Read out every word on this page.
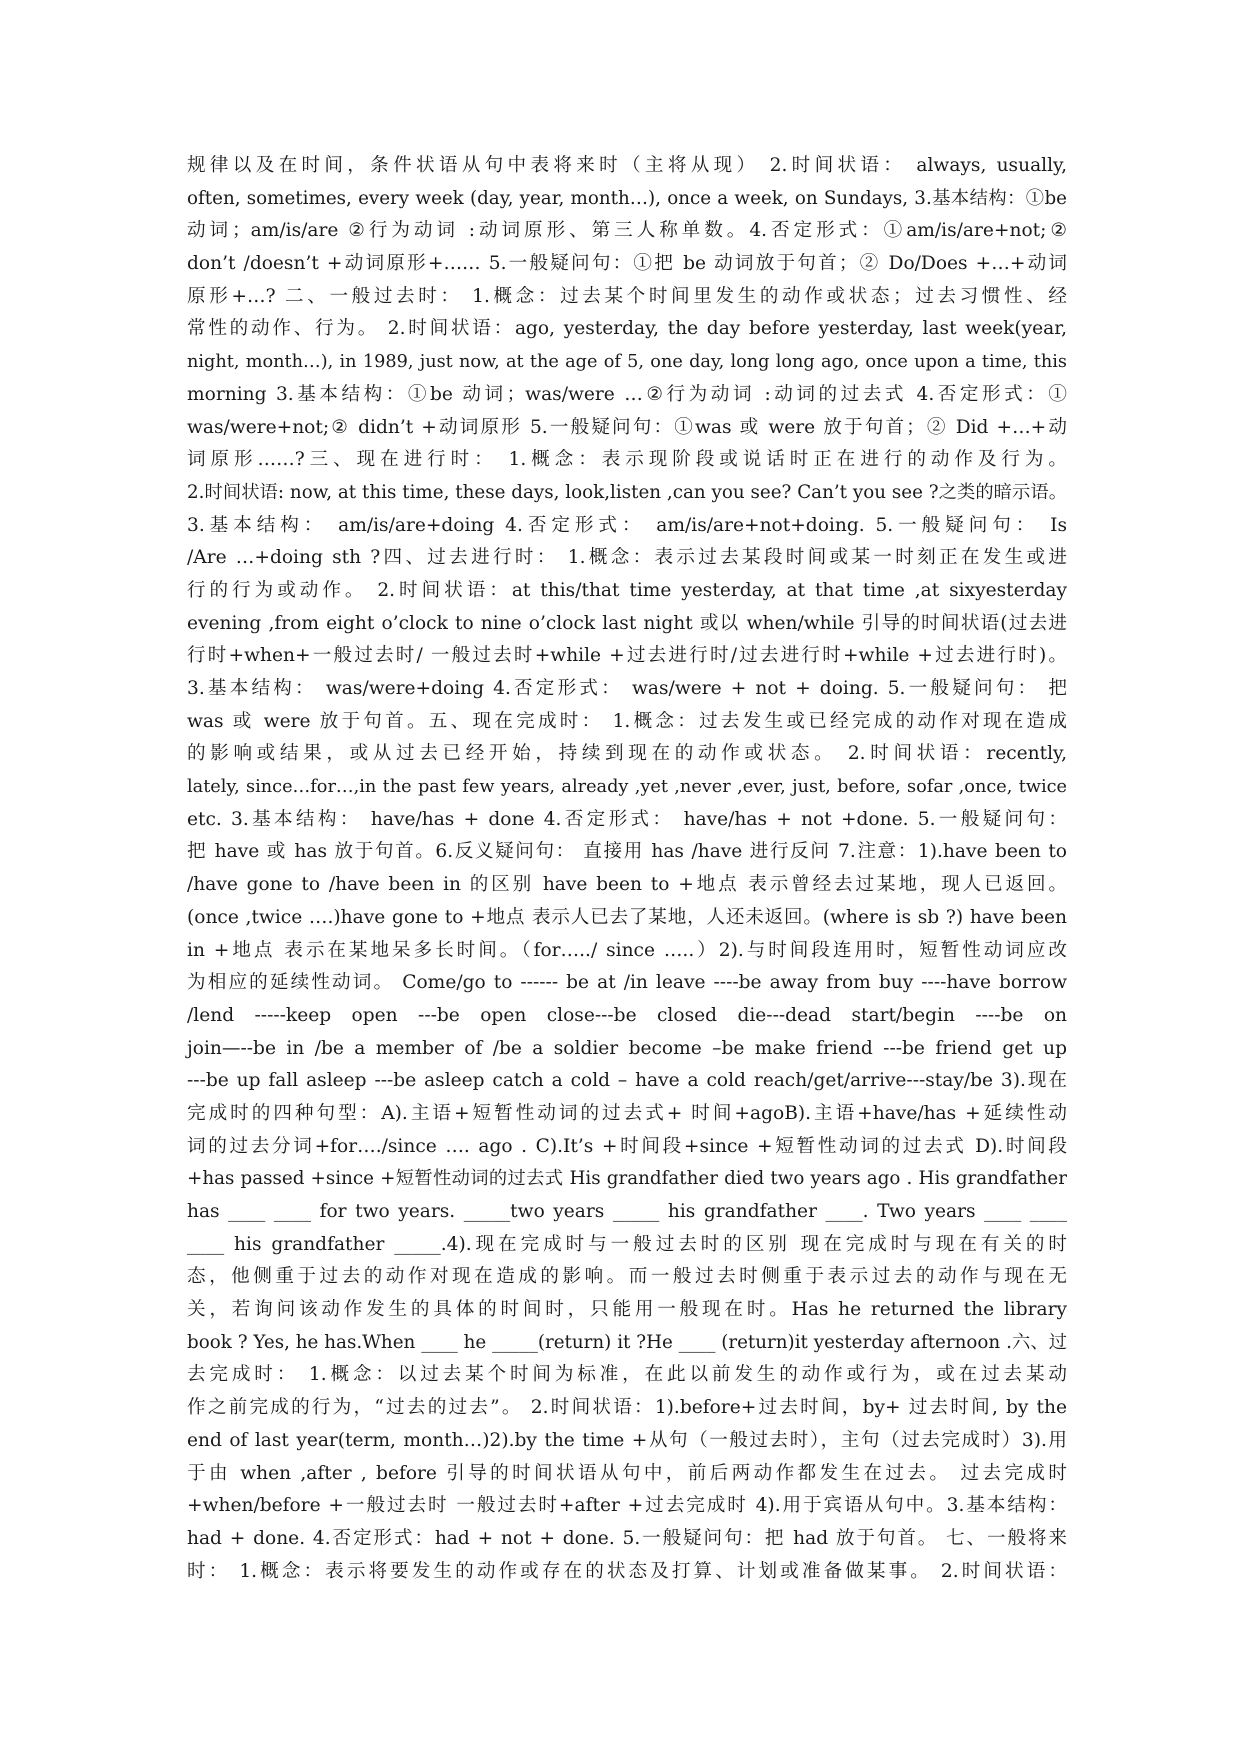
规律以及在时间，条件状语从句中表将来时（主将从现） 2.时间状语： always, usually,
often, sometimes, every week (day, year, month…), once a week, on Sundays, 3.基本结构：①be
动词；am/is/are ②行为动词 :动词原形、第三人称单数。4.否定形式：①am/is/are+not;②
don’t /doesn’t +动词原形+…… 5.一般疑问句：①把 be 动词放于句首；② Do/Does +…+动词
原形+…? 二、一般过去时： 1.概念：过去某个时间里发生的动作或状态；过去习惯性、经
常性的动作、行为。 2.时间状语：ago, yesterday, the day before yesterday, last week(year,
night, month…), in 1989, just now, at the age of 5, one day, long long ago, once upon a time, this
morning 3.基本结构：①be 动词；was/were …②行为动词 :动词的过去式 4.否定形式：①
was/were+not;② didn’t +动词原形 5.一般疑问句：①was 或 were 放于句首；② Did +…+动
词原形……?三、现在进行时： 1.概念：表示现阶段或说话时正在进行的动作及行为。
2.时间状语: now, at this time, these days, look,listen ,can you see? Can’t you see ?之类的暗示语。
3.基本结构： am/is/are+doing 4.否定形式： am/is/are+not+doing. 5.一般疑问句： Is
/Are …+doing sth ?四、过去进行时： 1.概念：表示过去某段时间或某一时刻正在发生或进
行的行为或动作。 2.时间状语：at this/that time yesterday, at that time ,at sixyesterday
evening ,from eight o’clock to nine o’clock last night 或以 when/while 引导的时间状语(过去进
行时+when+一般过去时/ 一般过去时+while +过去进行时/过去进行时+while +过去进行时)。
3.基本结构： was/were+doing 4.否定形式： was/were + not + doing. 5.一般疑问句： 把
was 或 were 放于句首。五、现在完成时： 1.概念：过去发生或已经完成的动作对现在造成
的影响或结果，或从过去已经开始，持续到现在的动作或状态。 2.时间状语：recently,
lately, since…for…,in the past few years, already ,yet ,never ,ever, just, before, sofar ,once, twice
etc. 3.基本结构： have/has + done 4.否定形式： have/has + not +done. 5.一般疑问句：
把 have 或 has 放于句首。6.反义疑问句： 直接用 has /have 进行反问 7.注意：1).have been to
/have gone to /have been in 的区别 have been to +地点 表示曾经去过某地，现人已返回。
(once ,twice ….)have gone to +地点 表示人已去了某地，人还未返回。(where is sb ?) have been
in +地点 表示在某地呆多长时间。（for…../ since …..）2).与时间段连用时，短暂性动词应改
为相应的延续性动词。 Come/go to ------ be at /in leave ----be away from buy ----have borrow
/lend -----keep open ---be open close---be closed die---dead start/begin ----be on
join—--be in /be a member of /be a soldier become –be make friend ---be friend get up
---be up fall asleep ---be asleep catch a cold – have a cold reach/get/arrive---stay/be 3).现在
完成时的四种句型：A).主语+短暂性动词的过去式+ 时间+agoB).主语+have/has +延续性动
词的过去分词+for…./since …. ago . C).It’s +时间段+since +短暂性动词的过去式 D).时间段
+has passed +since +短暂性动词的过去式 His grandfather died two years ago . His grandfather
has ____ ____ for two years. _____two years _____ his grandfather ____. Two years ____ ____
____ his grandfather _____.4).现在完成时与一般过去时的区别 现在完成时与现在有关的时
态，他侧重于过去的动作对现在造成的影响。而一般过去时侧重于表示过去的动作与现在无
关，若询问该动作发生的具体的时间时，只能用一般现在时。Has he returned the library
book ? Yes, he has.When ____ he _____(return) it ?He ____ (return)it yesterday afternoon .六、过
去完成时： 1.概念：以过去某个时间为标准，在此以前发生的动作或行为，或在过去某动
作之前完成的行为，“过去的过去”。 2.时间状语：1).before+过去时间，by+ 过去时间, by the
end of last year(term, month…)2).by the time +从句（一般过去时），主句（过去完成时）3).用
于由 when ,after , before 引导的时间状语从句中，前后两动作都发生在过去。 过去完成时
+when/before +一般过去时 一般过去时+after +过去完成时 4).用于宾语从句中。3.基本结构：
had + done. 4.否定形式：had + not + done. 5.一般疑问句：把 had 放于句首。 七、一般将来
时： 1.概念：表示将要发生的动作或存在的状态及打算、计划或准备做某事。 2.时间状语：
